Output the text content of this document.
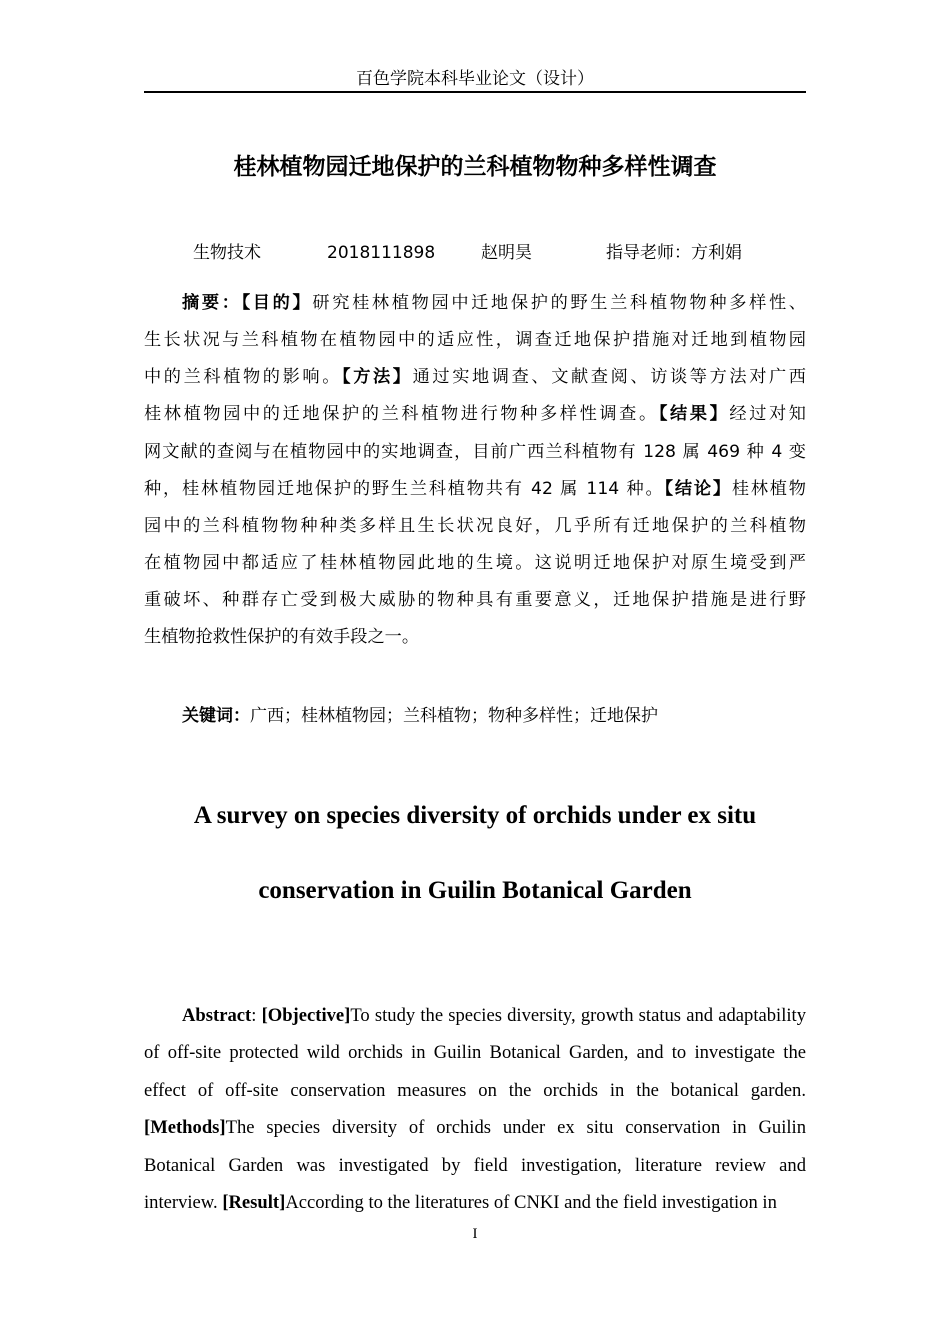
百色学院本科毕业论文（设计）
桂林植物园迁地保护的兰科植物物种多样性调查
生物技术	2018111898	赵明昊	指导老师：方利娟
摘要：【目的】研究桂林植物园中迁地保护的野生兰科植物物种多样性、
生长状况与兰科植物在植物园中的适应性，调查迁地保护措施对迁地到植物园
中的兰科植物的影响。【方法】通过实地调查、文献查阅、访谈等方法对广西
桂林植物园中的迁地保护的兰科植物进行物种多样性调查。【结果】经过对知
网文献的查阅与在植物园中的实地调查，目前广西兰科植物有 128 属 469 种 4 变
种，桂林植物园迁地保护的野生兰科植物共有 42 属 114 种。【结论】桂林植物
园中的兰科植物物种种类多样且生长状况良好，几乎所有迁地保护的兰科植物
在植物园中都适应了桂林植物园此地的生境。这说明迁地保护对原生境受到严
重破坏、种群存亡受到极大威胁的物种具有重要意义，迁地保护措施是进行野
生植物抢救性保护的有效手段之一。
关键词：广西；桂林植物园；兰科植物；物种多样性；迁地保护
A survey on species diversity of orchids under ex situ
conservation in Guilin Botanical Garden
Abstract: [Objective]To study the species diversity, growth status and adaptability of off-site protected wild orchids in Guilin Botanical Garden, and to investigate the effect of off-site conservation measures on the orchids in the botanical garden. [Methods]The species diversity of orchids under ex situ conservation in Guilin Botanical Garden was investigated by field investigation, literature review and interview. [Result]According to the literatures of CNKI and the field investigation in
I
